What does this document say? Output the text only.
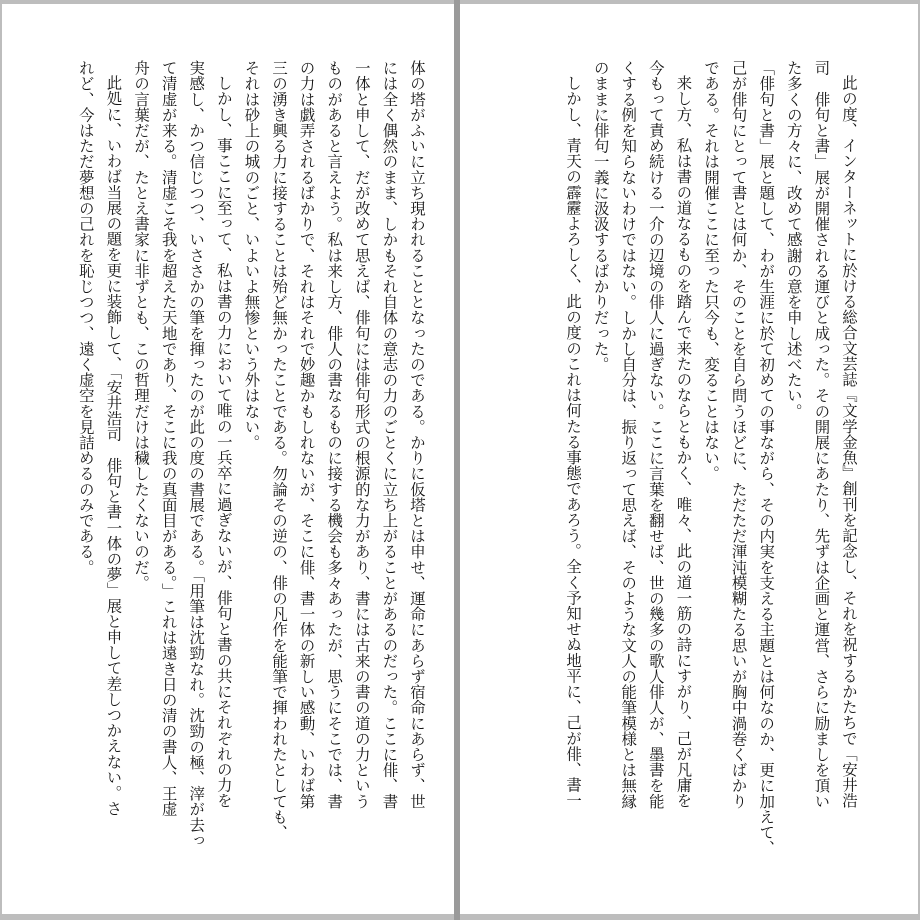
体の塔がふいに立ち現われることとなったのである。かりに仮塔とは申せ、運命にあらず宿命にあらず、世
には全く偶然のまま、しかもそれ自体の意志の力のごとくに立ち上がることがあるのだった。ここに俳、書
一体と申して、だが改めて思えば、俳句には俳句形式の根源的な力があり、書には古来の書の道の力という
ものがあると言えよう。私は来し方、俳人の書なるものに接する機会も多々あったが、思うにそこでは、書
の力は戯弄されるばかりで、それはそれで妙趣かもしれないが、そこに俳、書一体の新しい感動、いわば第
三の湧き興る力に接することは殆ど無かったことである。勿論その逆の、俳の凡作を能筆で揮われたとしても、
それは砂上の城のごと、いよいよ無惨という外はない。
しかし、事ここに至って、私は書の力において唯の一兵卒に過ぎないが、俳句と書の共にそれぞれの力を
実感し、かつ信じつつ、いささかの筆を揮ったのが此の度の書展である。「用筆は沈勁なれ。沈勁の極、滓が去っ
て清虚が来る。清虚こそ我を超えた天地であり、そこに我の真面目がある。」これは遠き日の清の書人、王虚
舟の言葉だが、たとえ書家に非ずとも、この哲理だけは穢したくないのだ。
此処に、いわば当展の題を更に装飾して、「安井浩司　俳句と書一体の夢」展と申して差しつかえない。さ
れど、今はただ夢想の己れを恥じつつ、遠く虚空を見詰めるのみである。	此の度、インターネットに於ける総合文芸誌『文学金魚』創刊を記念し、それを祝するかたちで「安井浩
司　俳句と書」展が開催される運びと成った。その開展にあたり、先ずは企画と運営、さらに励ましを頂い
た多くの方々に、改めて感謝の意を申し述べたい。
「俳句と書」展と題して、わが生涯に於て初めての事ながら、その内実を支える主題とは何なのか、更に加えて、
己が俳句にとって書とは何か、そのことを自ら問うほどに、ただただ渾沌模糊たる思いが胸中渦巻くばかり
である。それは開催ここに至った只今も、変ることはない。
来し方、私は書の道なるものを踏んで来たのならともかく、唯々、此の道一筋の詩にすがり、己が凡庸を
今もって責め続ける一介の辺境の俳人に過ぎない。ここに言葉を翻せば、世の幾多の歌人俳人が、墨書を能
くする例を知らないわけではない。しかし自分は、振り返って思えば、そのような文人の能筆模様とは無縁
のままに俳句一義に汲汲するばかりだった。
しかし、青天の霹靂よろしく、此の度のこれは何たる事態であろう。全く予知せぬ地平に、己が俳、書一
